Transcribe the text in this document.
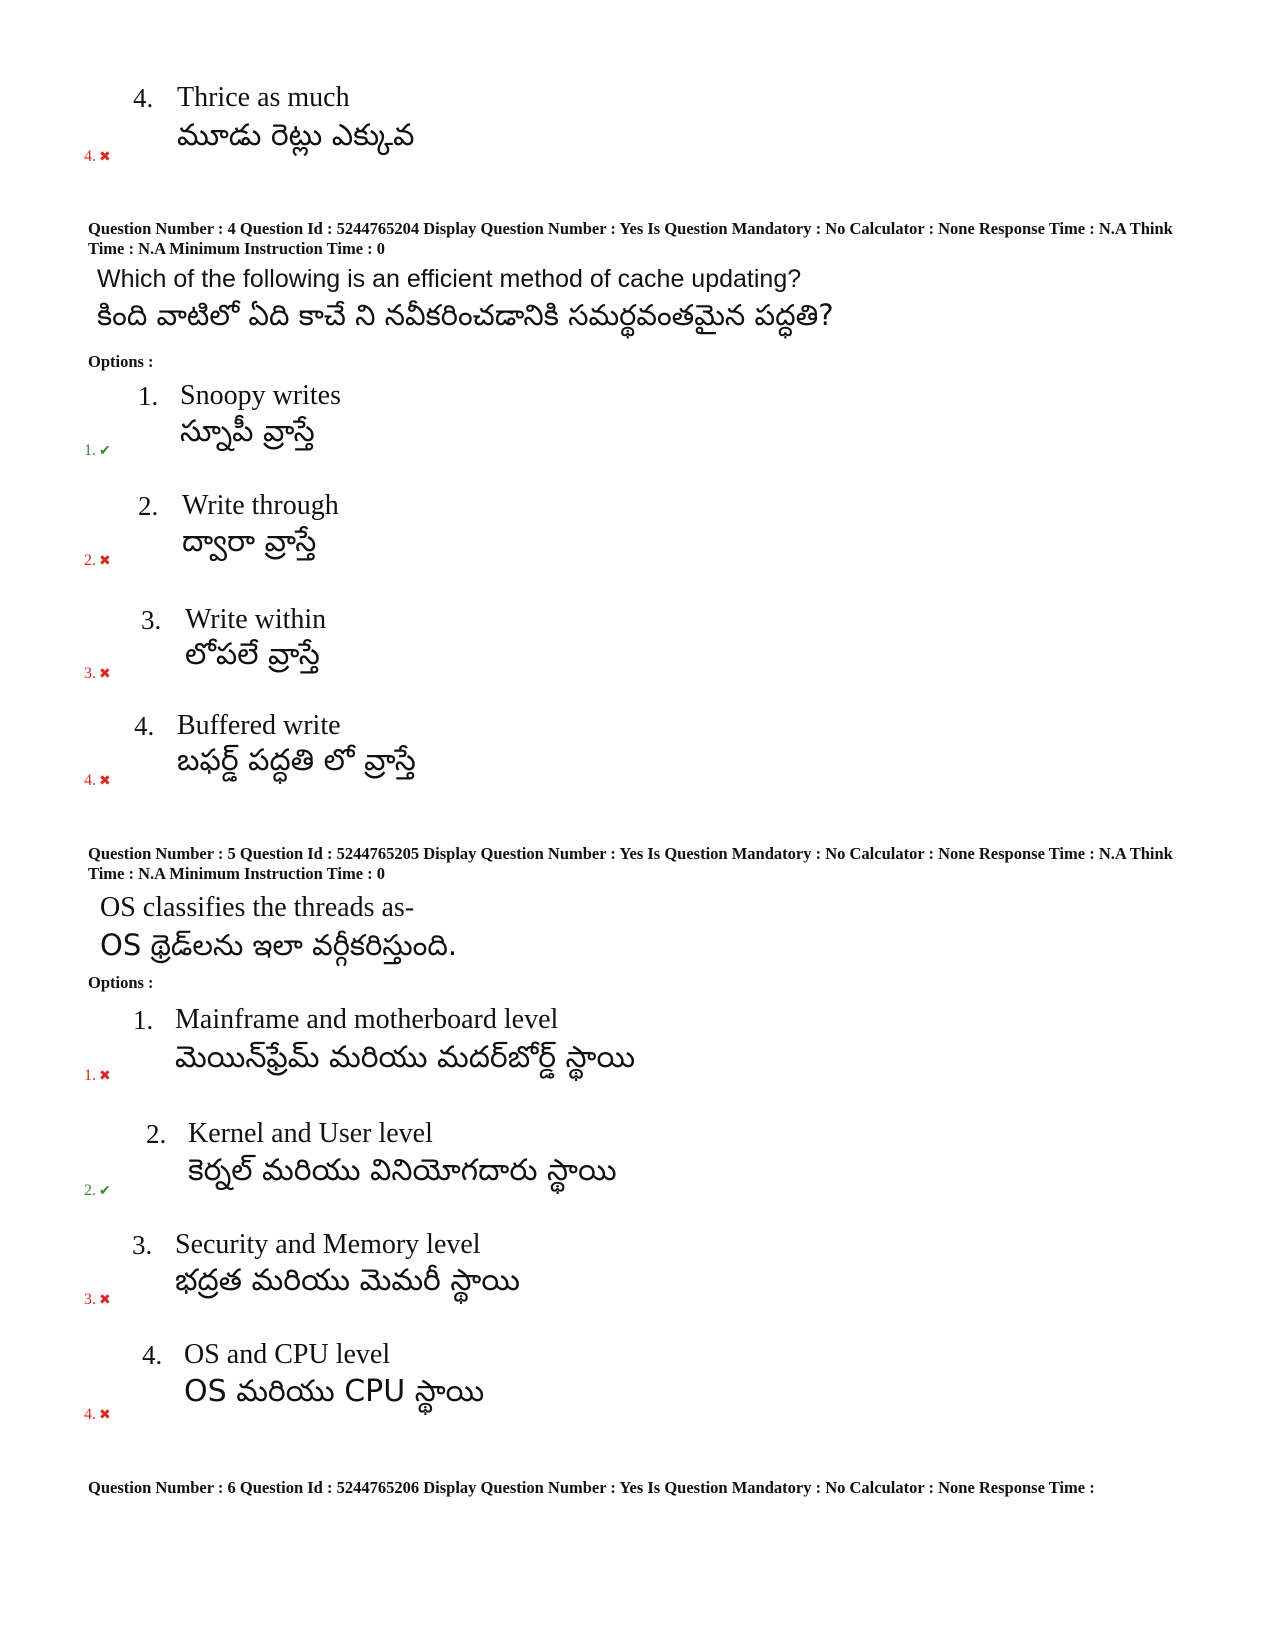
4. Thrice as much
మూడు రెట్లు ఎక్కువ
4. ✖
Question Number : 4 Question Id : 5244765204 Display Question Number : Yes Is Question Mandatory : No Calculator : None Response Time : N.A Think Time : N.A Minimum Instruction Time : 0
Which of the following is an efficient method of cache updating?
కింది వాటిలో ఏది కాచే ని నవీకరించడానికి సమర్థవంతమైన పద్ధతి?
Options :
1. Snoopy writes
స్నూపీ వ్రాస్తే
1. ✔
2. Write through
ద్వారా వ్రాస్తే
2. ✖
3. Write within
లోపలే వ్రాస్తే
3. ✖
4. Buffered write
బఫర్డ్ పద్ధతి లో వ్రాస్తే
4. ✖
Question Number : 5 Question Id : 5244765205 Display Question Number : Yes Is Question Mandatory : No Calculator : None Response Time : N.A Think Time : N.A Minimum Instruction Time : 0
OS classifies the threads as-
OS థ్రెడ్‌లను ఇలా వర్గీకరిస్తుంది.
Options :
1. Mainframe and motherboard level
మెయిన్‌ఫ్రేమ్ మరియు మదర్‌బోర్డ్ స్థాయి
1. ✖
2. Kernel and User level
కెర్నల్ మరియు వినియోగదారు స్థాయి
2. ✔
3. Security and Memory level
భద్రత మరియు మెమరీ స్థాయి
3. ✖
4. OS and CPU level
OS మరియు CPU స్థాయి
4. ✖
Question Number : 6 Question Id : 5244765206 Display Question Number : Yes Is Question Mandatory : No Calculator : None Response Time :
